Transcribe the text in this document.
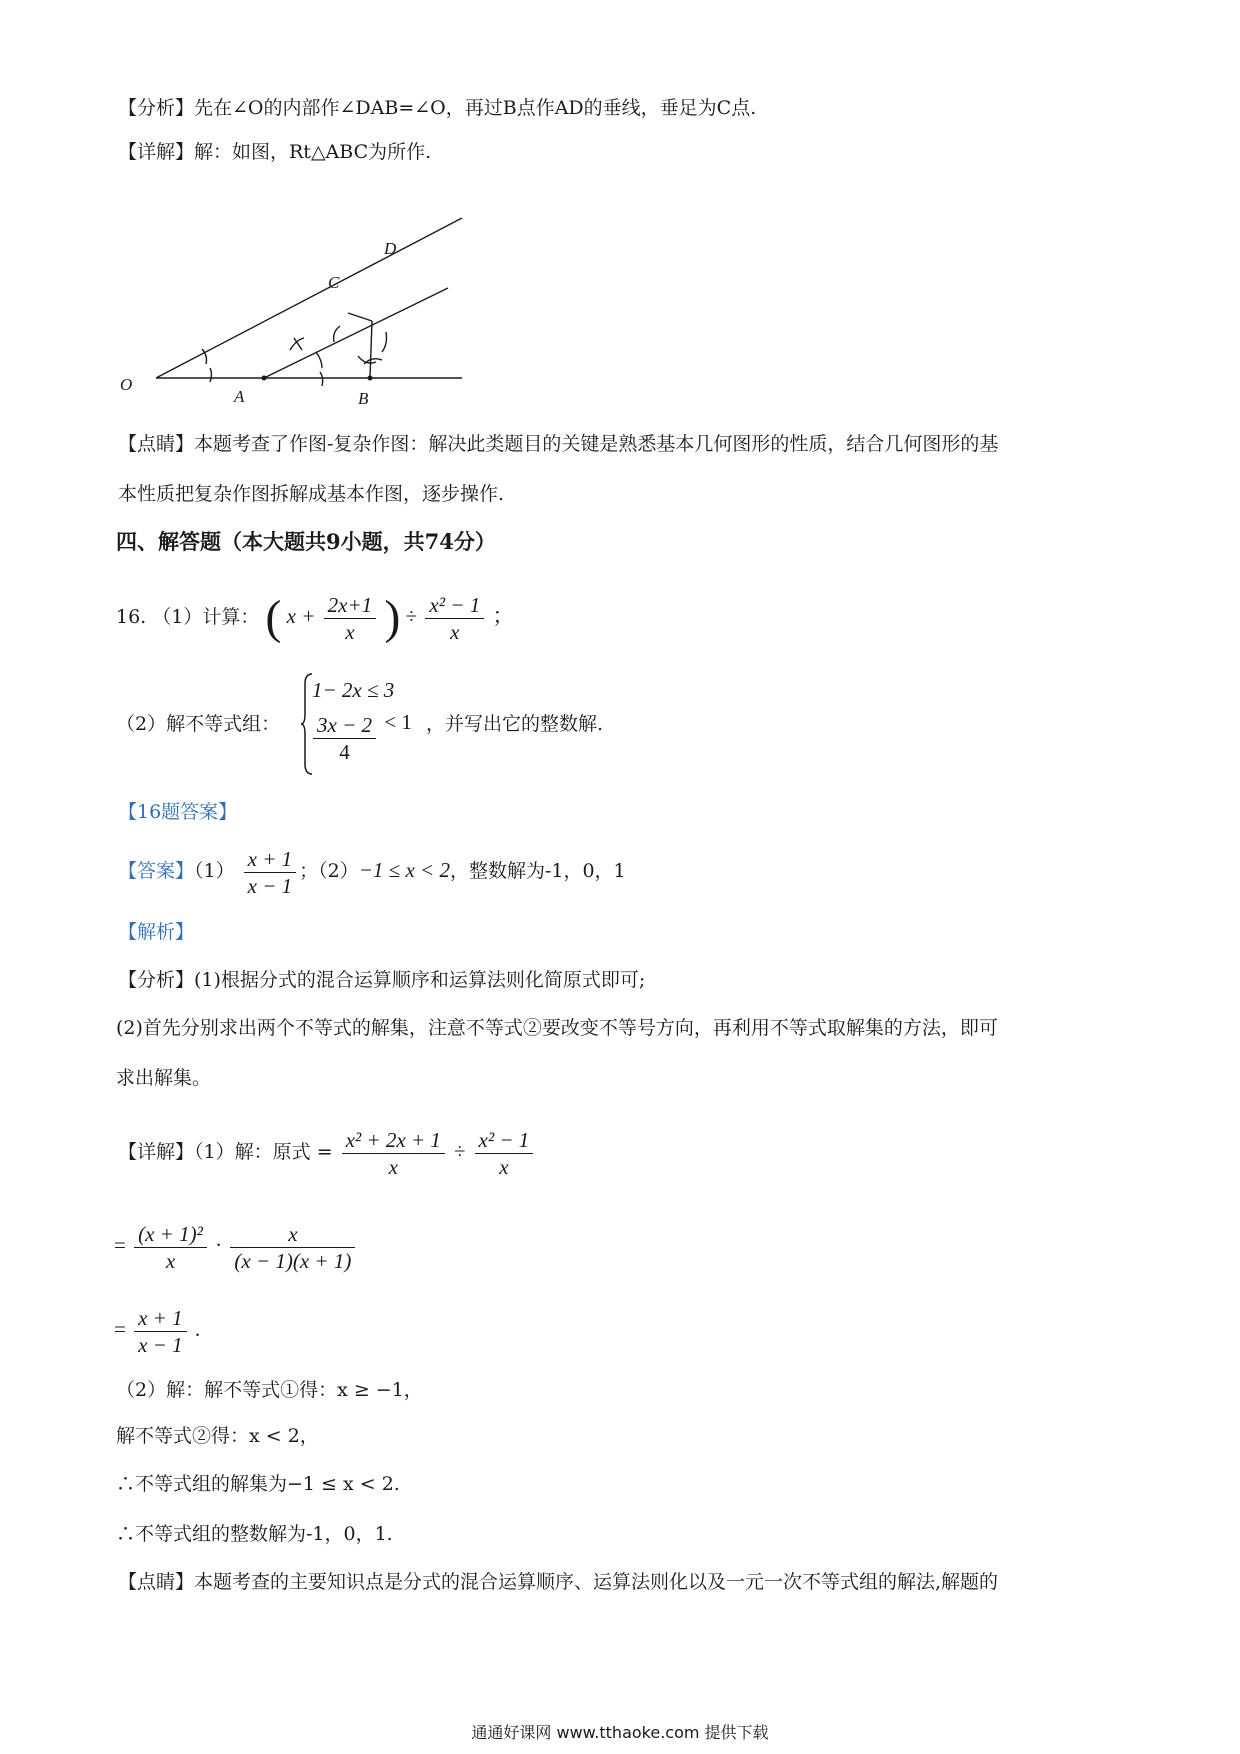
【分析】先在∠O的内部作∠DAB=∠O，再过B点作AD的垂线，垂足为C点.
【详解】解：如图，Rt△ABC为所作.
O
A	B
C
D
【点睛】本题考查了作图-复杂作图：解决此类题目的关键是熟悉基本几何图形的性质，结合几何图形的基
本性质把复杂作图拆解成基本作图，逐步操作.
四、解答题（本大题共9小题，共74分）
16. （1）计算： ( $x + \frac{2x+1}{x}$ ) ÷ $\frac{\text{x² − 1}}{x}$ ；
（2）解不等式组：
1− 2x ≤ 3
$\frac{3x - 2}{4} < 1$ ，并写出它的整数解.
【16题答案】
【答案】$(1) \frac{x + 1}{x - 1}$ ；（2）−1 ≤ x < 2，整数解为-1，0，1
【解析】
【分析】(1)根据分式的混合运算顺序和运算法则化简原式即可;
(2)首先分别求出两个不等式的解集，注意不等式②要改变不等号方向，再利用不等式取解集的方法，即可
求出解集。
【详解】（1）解：原式 = $\frac{\text{x² + 2x + 1}}{x} \div \frac{\text{x² − 1}}{x}$
= $\frac{\text{(x + 1)²}}{x} \cdot \frac{x}{(x - 1)(x + 1)}$
= $\frac{x + 1}{x - 1}$ .
（2）解：解不等式①得：x ≥ −1，
解不等式②得：x < 2，
∴不等式组的解集为−1 ≤ x < 2.
∴不等式组的整数解为-1，0，1.
【点睛】本题考查的主要知识点是分式的混合运算顺序、运算法则化以及一元一次不等式组的解法,解题的
通通好课网 www.tthaoke.com 提供下载
